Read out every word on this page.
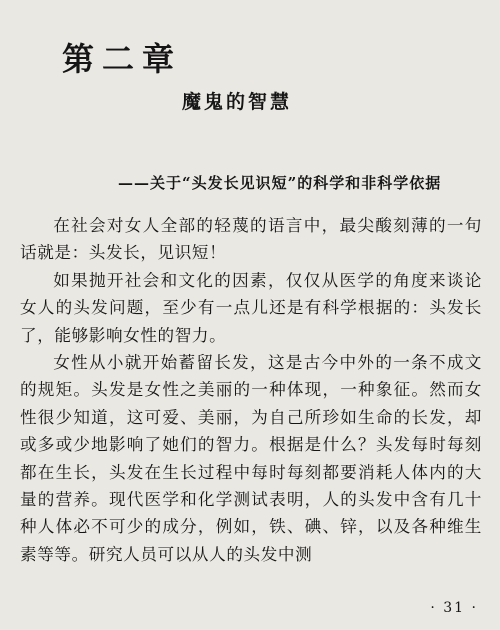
第二章
魔鬼的智慧
——关于“头发长见识短”的科学和非科学依据

在社会对女人全部的轻蔑的语言中，最尖酸刻薄的一句话就是：头发长，见识短！

如果抛开社会和文化的因素，仅仅从医学的角度来谈论女人的头发问题，至少有一点儿还是有科学根据的：头发长了，能够影响女性的智力。

女性从小就开始蓄留长发，这是古今中外的一条不成文的规矩。头发是女性之美丽的一种体现，一种象征。然而女性很少知道，这可爱、美丽，为自己所珍如生命的长发，却或多或少地影响了她们的智力。根据是什么？头发每时每刻都在生长，头发在生长过程中每时每刻都要消耗人体内的大量的营养。现代医学和化学测试表明，人的头发中含有几十种人体必不可少的成分，例如，铁、碘、锌，以及各种维生素等等。研究人员可以从人的头发中测

· 31 ·
